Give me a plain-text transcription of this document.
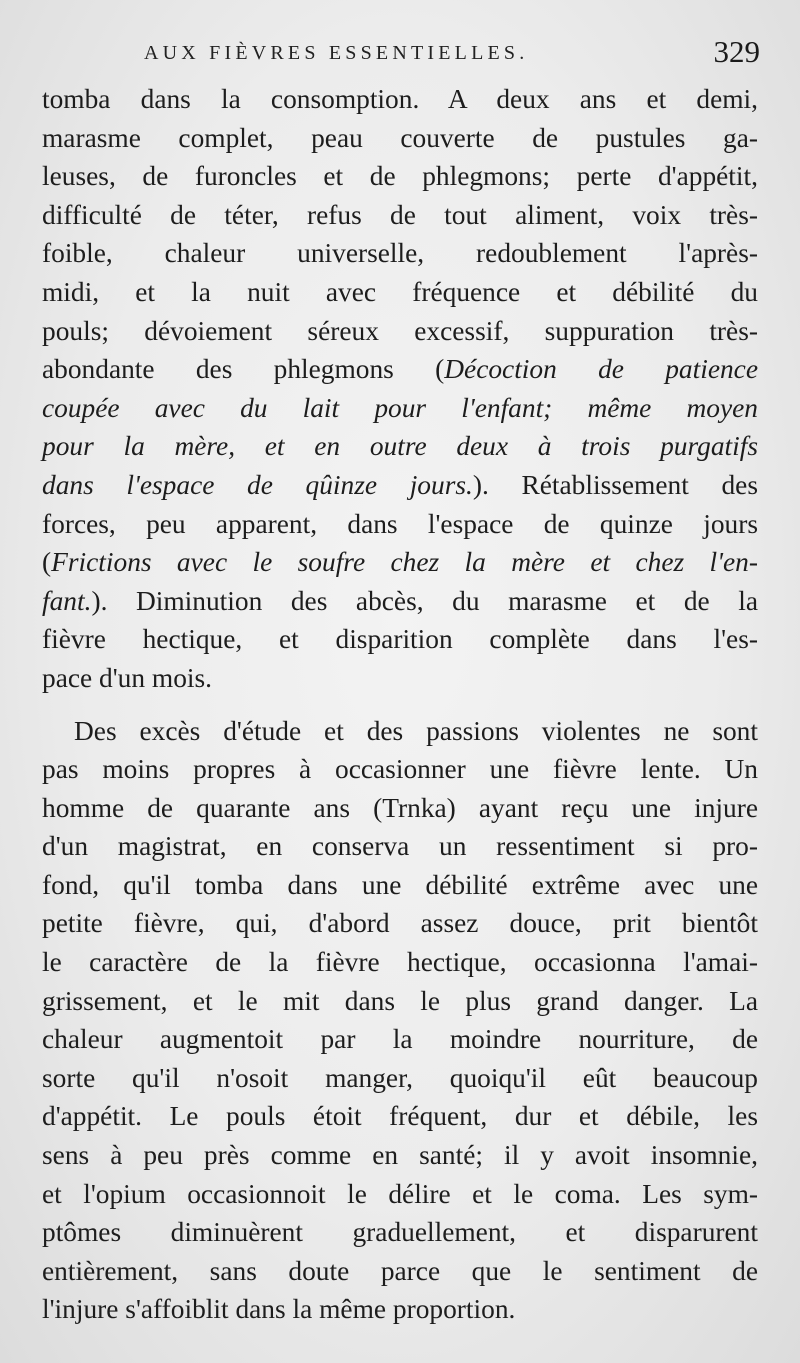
AUX FIÈVRES ESSENTIELLES.	329
tomba dans la consomption. A deux ans et demi,
marasme complet, peau couverte de pustules ga-
leuses, de furoncles et de phlegmons; perte d'appétit,
difficulté de téter, refus de tout aliment, voix très-
foible, chaleur universelle, redoublement l'après-
midi, et la nuit avec fréquence et débilité du
pouls; dévoiement séreux excessif, suppuration très-
abondante des phlegmons (Décoction de patience
coupée avec du lait pour l'enfant; même moyen
pour la mère, et en outre deux à trois purgatifs
dans l'espace de qûinze jours.). Rétablissement des
forces, peu apparent, dans l'espace de quinze jours
(Frictions avec le soufre chez la mère et chez l'en-
fant.). Diminution des abcès, du marasme et de la
fièvre hectique, et disparition complète dans l'es-
pace d'un mois.
Des excès d'étude et des passions violentes ne sont
pas moins propres à occasionner une fièvre lente. Un
homme de quarante ans (Trnka) ayant reçu une injure
d'un magistrat, en conserva un ressentiment si pro-
fond, qu'il tomba dans une débilité extrême avec une
petite fièvre, qui, d'abord assez douce, prit bientôt
le caractère de la fièvre hectique, occasionna l'amai-
grissement, et le mit dans le plus grand danger. La
chaleur augmentoit par la moindre nourriture, de
sorte qu'il n'osoit manger, quoiqu'il eût beaucoup
d'appétit. Le pouls étoit fréquent, dur et débile, les
sens à peu près comme en santé; il y avoit insomnie,
et l'opium occasionnoit le délire et le coma. Les sym-
ptômes diminuèrent graduellement, et disparurent
entièrement, sans doute parce que le sentiment de
l'injure s'affoiblit dans la même proportion.
